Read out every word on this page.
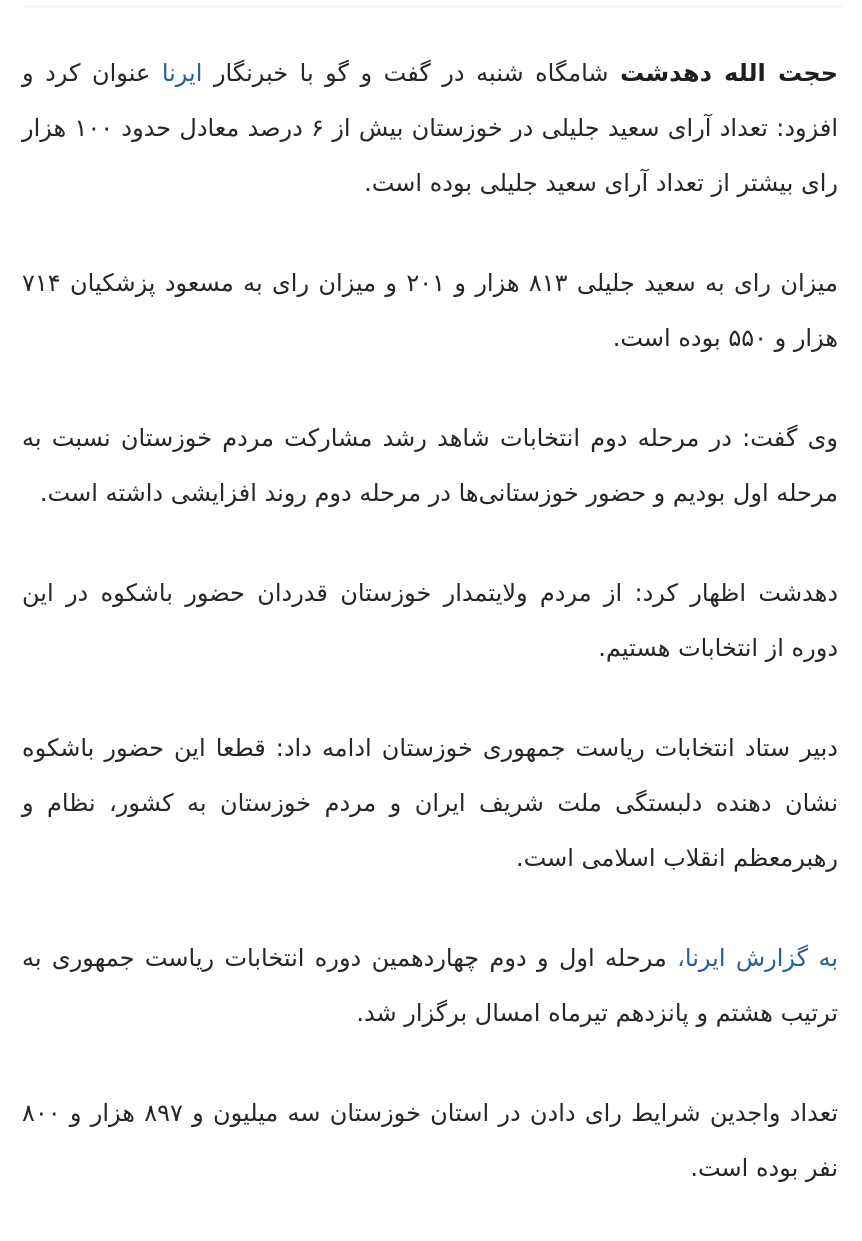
حجت الله دهدشت شامگاه شنبه در گفت و گو با خبرنگار ایرنا عنوان کرد و افزود: تعداد آرای سعید جلیلی در خوزستان بیش از ۶ درصد معادل حدود ۱۰۰ هزار رای بیشتر از تعداد آرای سعید جلیلی بوده است.

میزان رای به سعید جلیلی ۸۱۳ هزار و ۲۰۱ و میزان رای به مسعود پزشکیان ۷۱۴ هزار و ۵۵۰ بوده است.

وی گفت: در مرحله دوم انتخابات شاهد رشد مشارکت مردم خوزستان نسبت به مرحله اول بودیم و حضور خوزستانی‌ها در مرحله دوم روند افزایشی داشته است.

دهدشت اظهار کرد: از مردم ولایتمدار خوزستان قدردان حضور باشکوه در این دوره از انتخابات هستیم.

دبیر ستاد انتخابات ریاست جمهوری خوزستان ادامه داد: قطعا این حضور باشکوه نشان دهنده دلبستگی ملت شریف ایران و مردم خوزستان به کشور، نظام و رهبرمعظم انقلاب اسلامی است.

به گزارش ایرنا، مرحله اول و دوم چهاردهمین دوره انتخابات ریاست جمهوری به ترتیب هشتم و پانزدهم تیرماه امسال برگزار شد.

تعداد واجدین شرایط رای دادن در استان خوزستان سه میلیون و ۸۹۷ هزار و ۸۰۰ نفر بوده است.
